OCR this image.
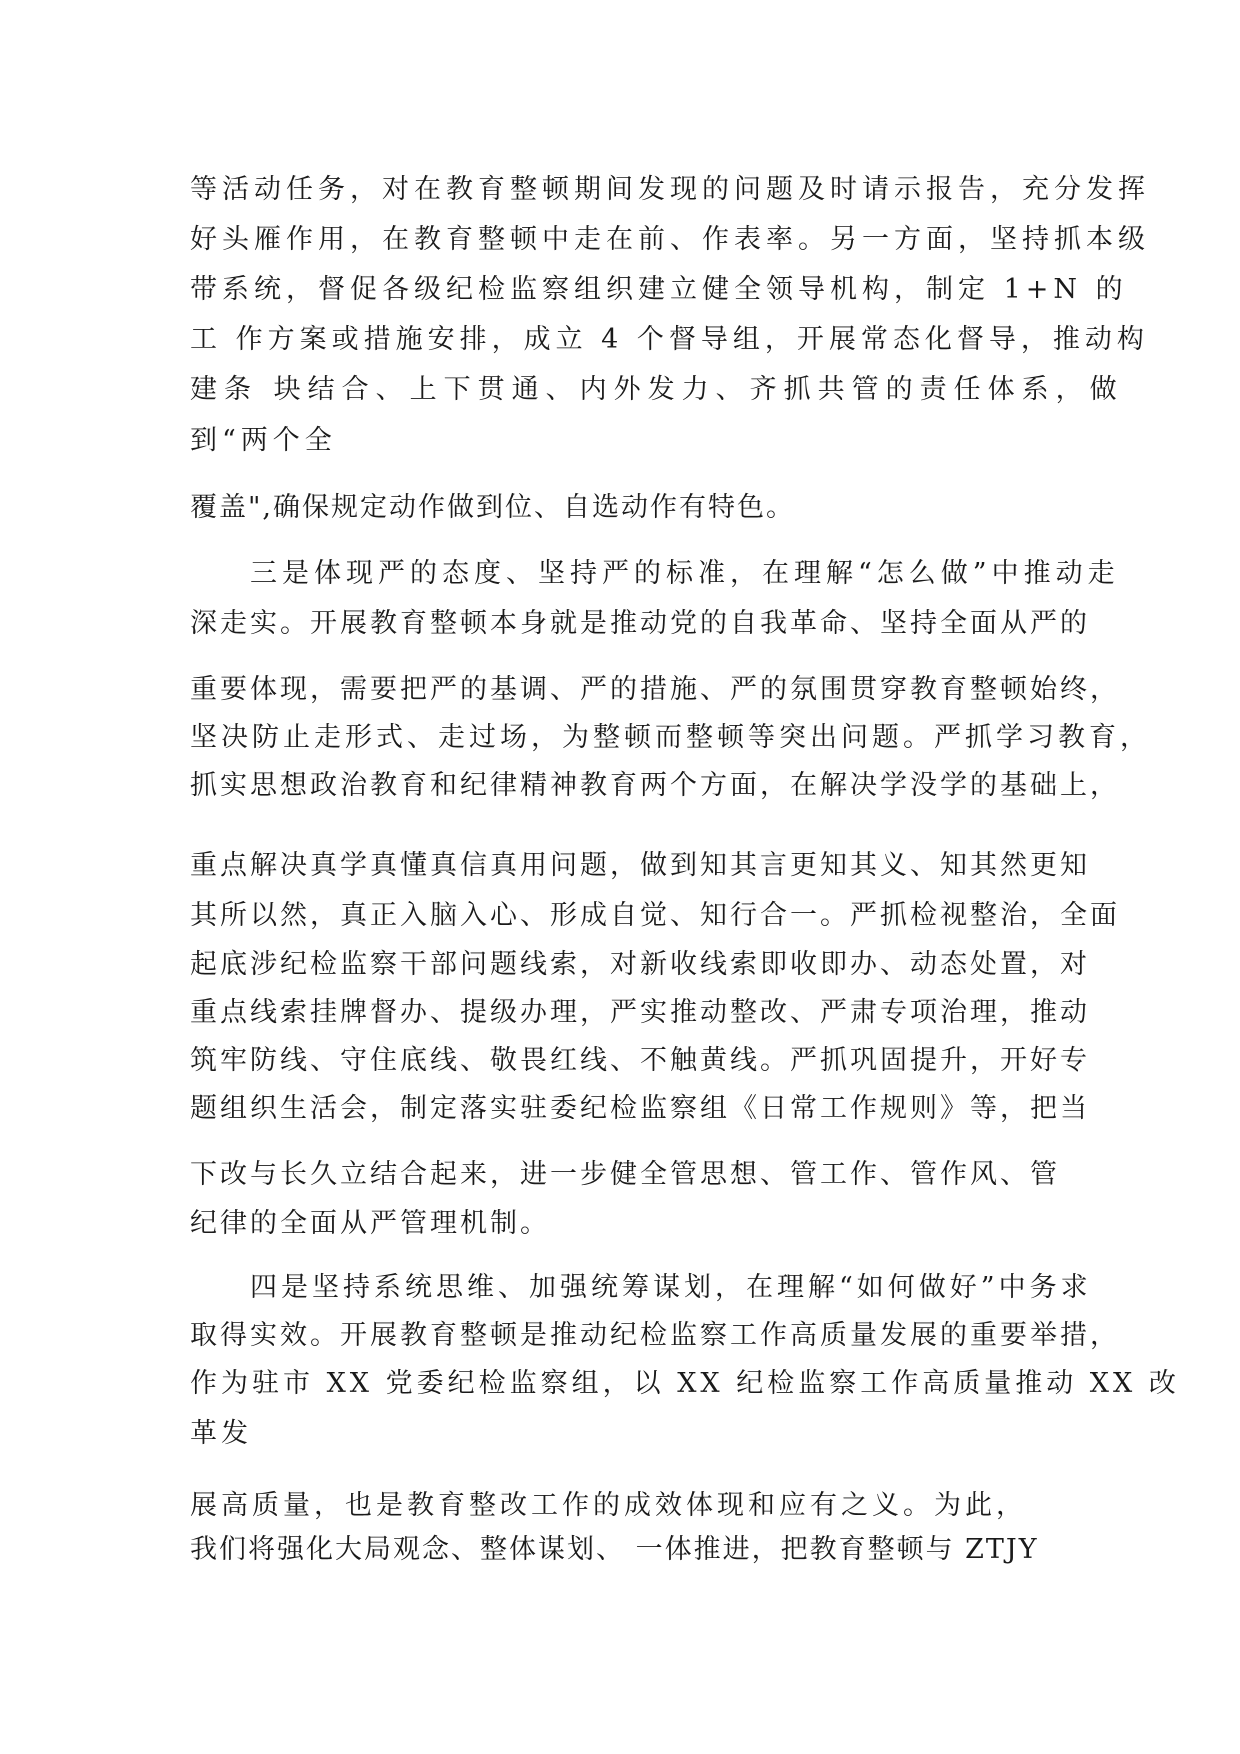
等活动任务，对在教育整顿期间发现的问题及时请示报告，充分发挥
好头雁作用，在教育整顿中走在前、作表率。另一方面，坚持抓本级
带系统，督促各级纪检监察组织建立健全领导机构，制定 1+N 的
工 作方案或措施安排，成立 4 个督导组，开展常态化督导，推动构
建条 块结合、上下贯通、内外发力、齐抓共管的责任体系，做
到“两个全
覆盖",确保规定动作做到位、自选动作有特色。
三是体现严的态度、坚持严的标准，在理解“怎么做”中推动走
深走实。开展教育整顿本身就是推动党的自我革命、坚持全面从严的
重要体现，需要把严的基调、严的措施、严的氛围贯穿教育整顿始终，
坚决防止走形式、走过场，为整顿而整顿等突出问题。严抓学习教育，
抓实思想政治教育和纪律精神教育两个方面，在解决学没学的基础上，
重点解决真学真懂真信真用问题，做到知其言更知其义、知其然更知
其所以然，真正入脑入心、形成自觉、知行合一。严抓检视整治，全面
起底涉纪检监察干部问题线索，对新收线索即收即办、动态处置，对
重点线索挂牌督办、提级办理，严实推动整改、严肃专项治理，推动
筑牢防线、守住底线、敬畏红线、不触黄线。严抓巩固提升，开好专
题组织生活会，制定落实驻委纪检监察组《日常工作规则》等，把当
下改与长久立结合起来，进一步健全管思想、管工作、管作风、管
纪律的全面从严管理机制。
四是坚持系统思维、加强统筹谋划，在理解“如何做好”中务求
取得实效。开展教育整顿是推动纪检监察工作高质量发展的重要举措，
作为驻市 XX 党委纪检监察组，以 XX 纪检监察工作高质量推动 XX 改
革发
展高质量，也是教育整改工作的成效体现和应有之义。为此，
我们将强化大局观念、整体谋划、 一体推进，把教育整顿与 ZTJY
